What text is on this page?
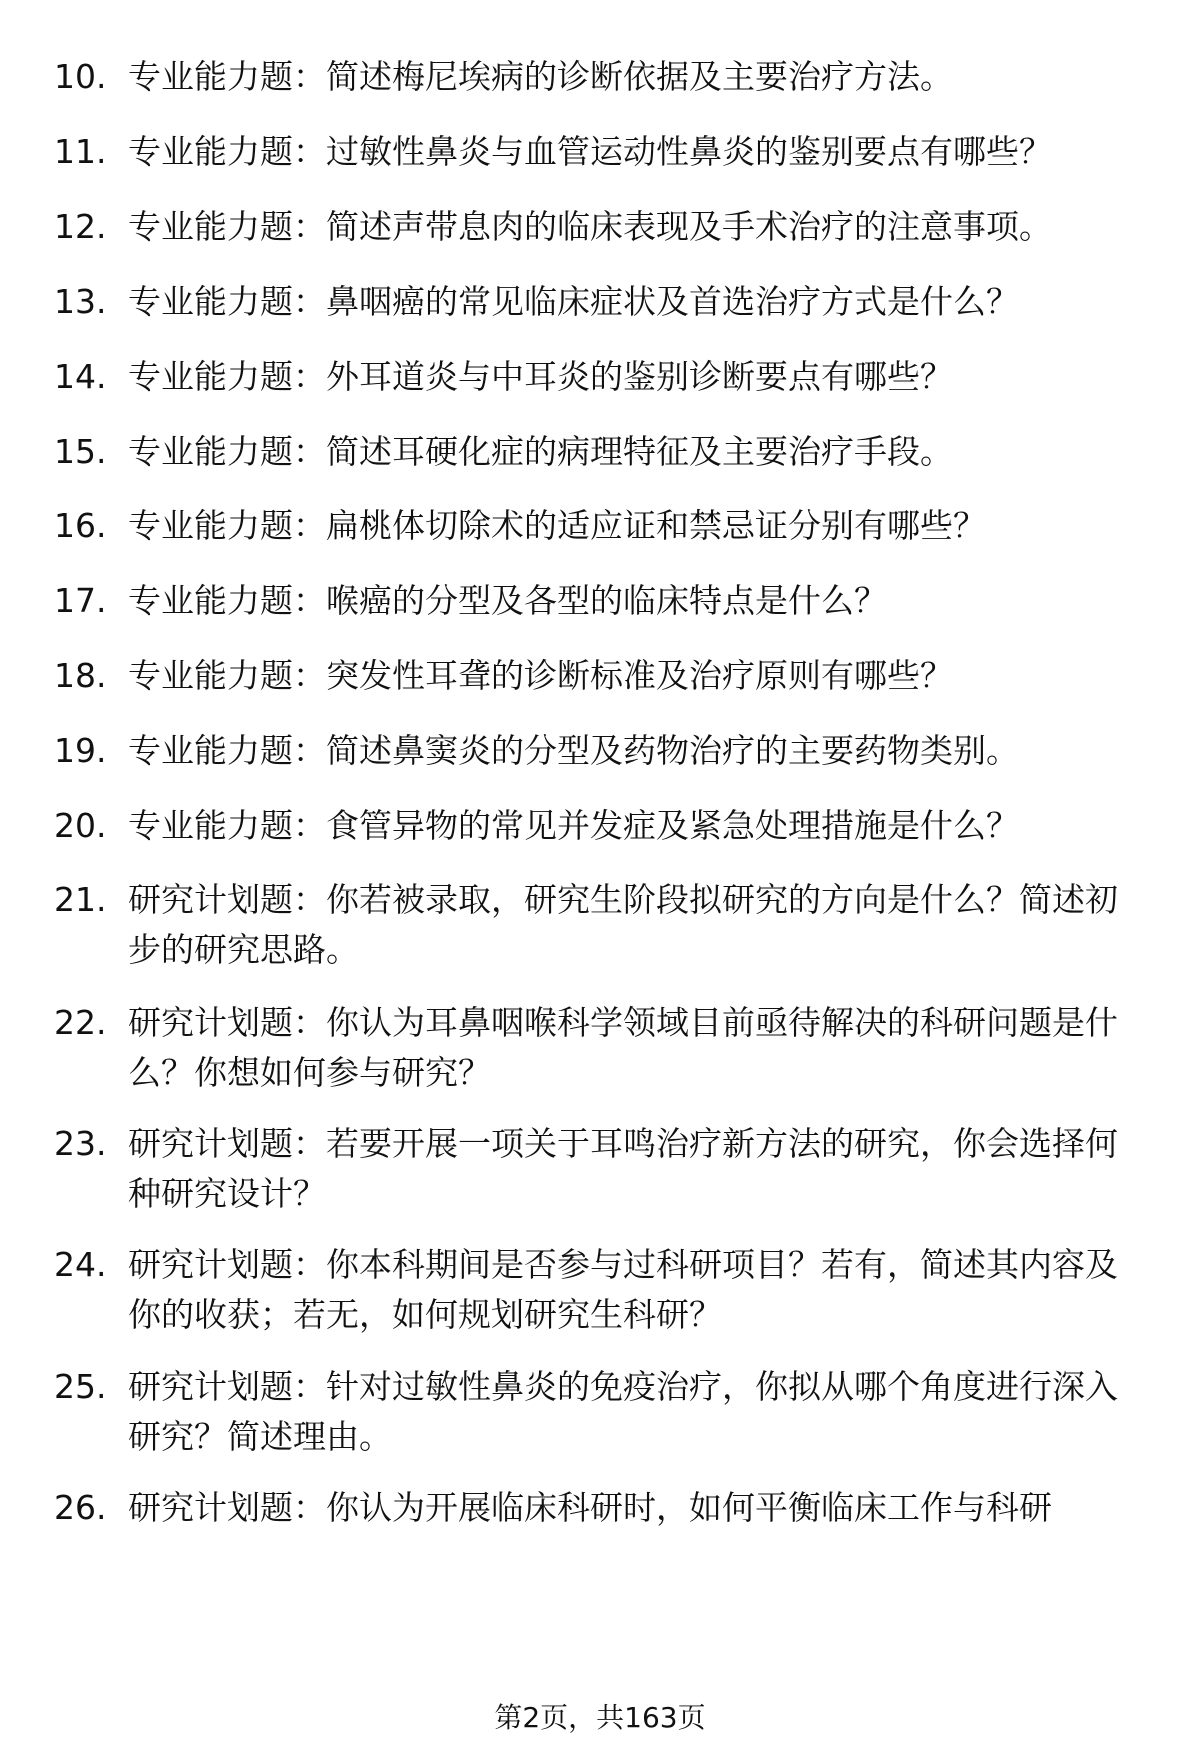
10. 专业能力题：简述梅尼埃病的诊断依据及主要治疗方法。
11. 专业能力题：过敏性鼻炎与血管运动性鼻炎的鉴别要点有哪些？
12. 专业能力题：简述声带息肉的临床表现及手术治疗的注意事项。
13. 专业能力题：鼻咽癌的常见临床症状及首选治疗方式是什么？
14. 专业能力题：外耳道炎与中耳炎的鉴别诊断要点有哪些？
15. 专业能力题：简述耳硬化症的病理特征及主要治疗手段。
16. 专业能力题：扁桃体切除术的适应证和禁忌证分别有哪些？
17. 专业能力题：喉癌的分型及各型的临床特点是什么？
18. 专业能力题：突发性耳聋的诊断标准及治疗原则有哪些？
19. 专业能力题：简述鼻窦炎的分型及药物治疗的主要药物类别。
20. 专业能力题：食管异物的常见并发症及紧急处理措施是什么？
21. 研究计划题：你若被录取，研究生阶段拟研究的方向是什么？简述初步的研究思路。
22. 研究计划题：你认为耳鼻咽喉科学领域目前亟待解决的科研问题是什么？你想如何参与研究？
23. 研究计划题：若要开展一项关于耳鸣治疗新方法的研究，你会选择何种研究设计？
24. 研究计划题：你本科期间是否参与过科研项目？若有，简述其内容及你的收获；若无，如何规划研究生科研？
25. 研究计划题：针对过敏性鼻炎的免疫治疗，你拟从哪个角度进行深入研究？简述理由。
26. 研究计划题：你认为开展临床科研时，如何平衡临床工作与科研
第2页，共163页
